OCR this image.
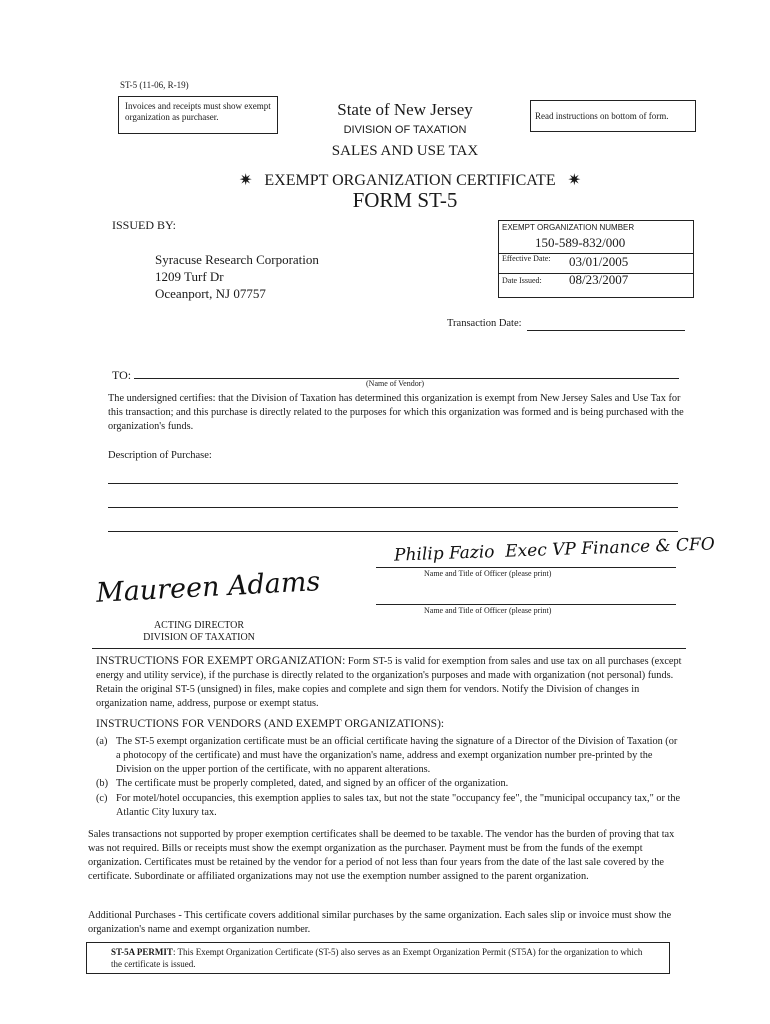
ST-5 (11-06, R-19)
Invoices and receipts must show exempt organization as purchaser.	Read instructions on bottom of form.
State of New Jersey
DIVISION OF TAXATION
SALES AND USE TAX
✷ EXEMPT ORGANIZATION CERTIFICATE ✷
FORM ST-5
ISSUED BY:
Syracuse Research Corporation
1209 Turf Dr
Oceanport, NJ 07757
EXEMPT ORGANIZATION NUMBER
150-589-832/000
Effective Date: 03/01/2005
Date Issued: 08/23/2007
Transaction Date:
TO:
(Name of Vendor)
The undersigned certifies: that the Division of Taxation has determined this organization is exempt from New Jersey Sales and Use Tax for this transaction; and this purchase is directly related to the purposes for which this organization was formed and is being purchased with the organization's funds.
Description of Purchase:
Philip Fazio  Exec VP Finance & CFO
Name and Title of Officer (please print)
Name and Title of Officer (please print)
Maureen Adams
ACTING DIRECTOR
DIVISION OF TAXATION
INSTRUCTIONS FOR EXEMPT ORGANIZATION: Form ST-5 is valid for exemption from sales and use tax on all purchases (except energy and utility service), if the purchase is directly related to the organization's purposes and made with organization (not personal) funds. Retain the original ST-5 (unsigned) in files, make copies and complete and sign them for vendors. Notify the Division of changes in organization name, address, purpose or exempt status.
INSTRUCTIONS FOR VENDORS (AND EXEMPT ORGANIZATIONS):
(a) The ST-5 exempt organization certificate must be an official certificate having the signature of a Director of the Division of Taxation (or a photocopy of the certificate) and must have the organization's name, address and exempt organization number pre-printed by the Division on the upper portion of the certificate, with no apparent alterations.
(b) The certificate must be properly completed, dated, and signed by an officer of the organization.
(c) For motel/hotel occupancies, this exemption applies to sales tax, but not the state "occupancy fee", the "municipal occupancy tax," or the Atlantic City luxury tax.
Sales transactions not supported by proper exemption certificates shall be deemed to be taxable. The vendor has the burden of proving that tax was not required. Bills or receipts must show the exempt organization as the purchaser. Payment must be from the funds of the exempt organization. Certificates must be retained by the vendor for a period of not less than four years from the date of the last sale covered by the certificate. Subordinate or affiliated organizations may not use the exemption number assigned to the parent organization.
Additional Purchases - This certificate covers additional similar purchases by the same organization. Each sales slip or invoice must show the organization's name and exempt organization number.
ST-5A PERMIT: This Exempt Organization Certificate (ST-5) also serves as an Exempt Organization Permit (ST5A) for the organization to which the certificate is issued.
